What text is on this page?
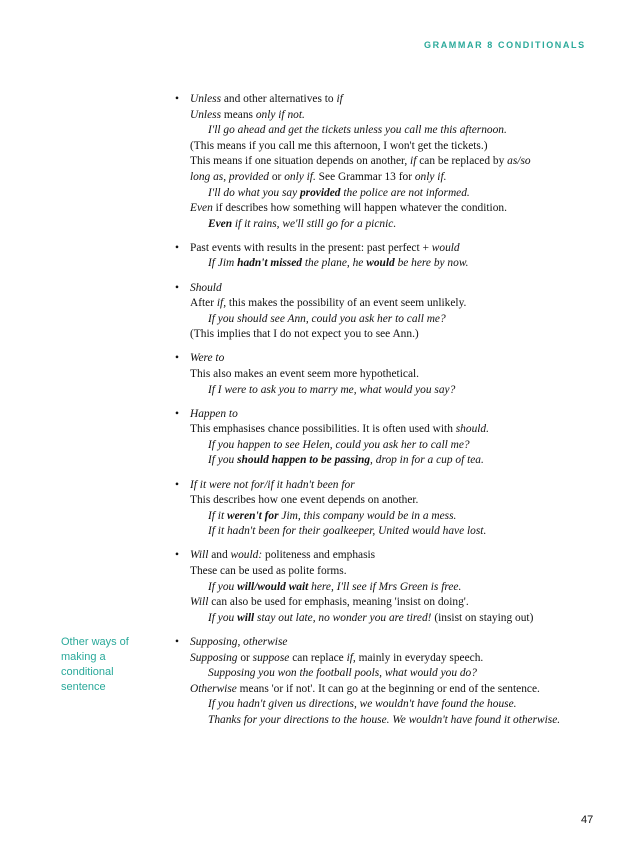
GRAMMAR 8 CONDITIONALS
Other ways of
making a
conditional
sentence
• Unless and other alternatives to if
Unless means only if not.
I'll go ahead and get the tickets unless you call me this afternoon.
(This means if you call me this afternoon, I won't get the tickets.)
This means if one situation depends on another, if can be replaced by as/so
long as, provided or only if. See Grammar 13 for only if.
I'll do what you say provided the police are not informed.
Even if describes how something will happen whatever the condition.
Even if it rains, we'll still go for a picnic.
• Past events with results in the present: past perfect + would
If Jim hadn't missed the plane, he would be here by now.
• Should
After if, this makes the possibility of an event seem unlikely.
If you should see Ann, could you ask her to call me?
(This implies that I do not expect you to see Ann.)
• Were to
This also makes an event seem more hypothetical.
If I were to ask you to marry me, what would you say?
• Happen to
This emphasises chance possibilities. It is often used with should.
If you happen to see Helen, could you ask her to call me?
If you should happen to be passing, drop in for a cup of tea.
• If it were not for/if it hadn't been for
This describes how one event depends on another.
If it weren't for Jim, this company would be in a mess.
If it hadn't been for their goalkeeper, United would have lost.
• Will and would: politeness and emphasis
These can be used as polite forms.
If you will/would wait here, I'll see if Mrs Green is free.
Will can also be used for emphasis, meaning 'insist on doing'.
If you will stay out late, no wonder you are tired! (insist on staying out)
• Supposing, otherwise
Supposing or suppose can replace if, mainly in everyday speech.
Supposing you won the football pools, what would you do?
Otherwise means 'or if not'. It can go at the beginning or end of the sentence.
If you hadn't given us directions, we wouldn't have found the house.
Thanks for your directions to the house. We wouldn't have found it otherwise.
47
